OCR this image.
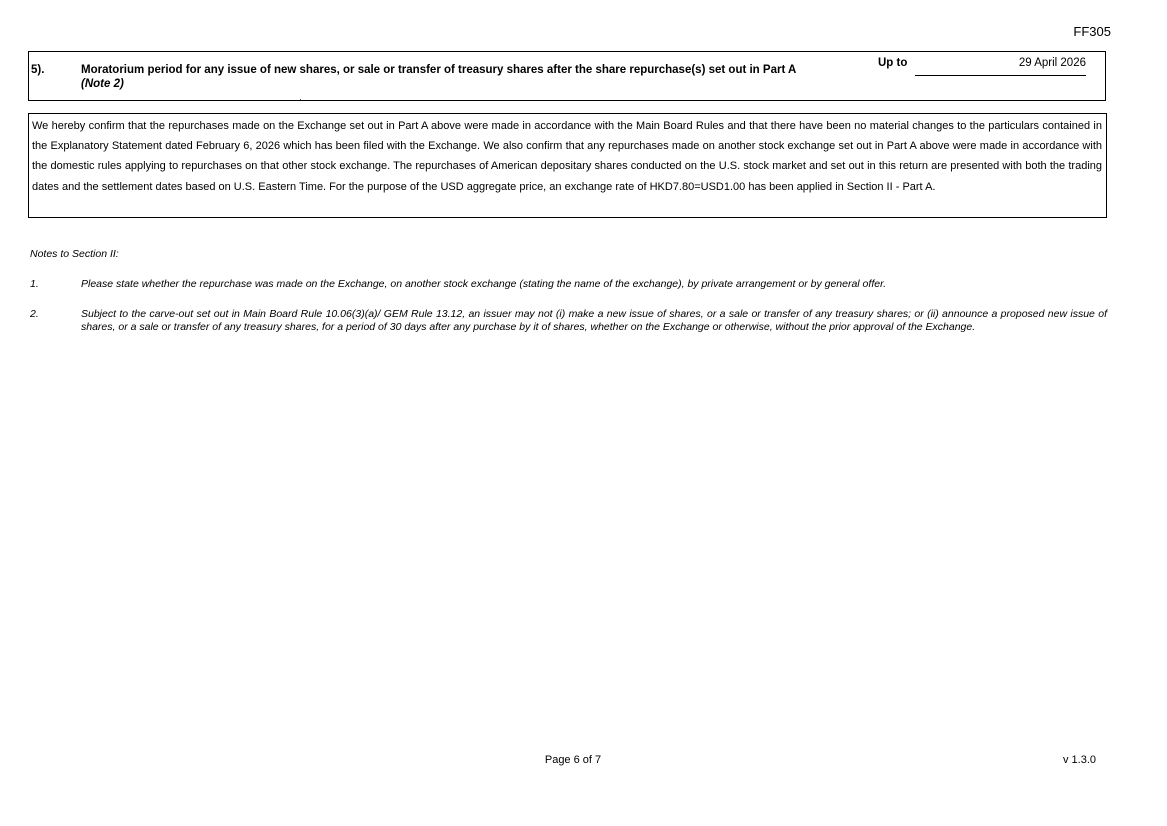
FF305
5).	Moratorium period for any issue of new shares, or sale or transfer of treasury shares after the share repurchase(s) set out in Part A
(Note 2)
Up to	29 April 2026
We hereby confirm that the repurchases made on the Exchange set out in Part A above were made in accordance with the Main Board Rules and that there have been no material changes to the particulars contained in the Explanatory Statement dated February 6, 2026 which has been filed with the Exchange. We also confirm that any repurchases made on another stock exchange set out in Part A above were made in accordance with the domestic rules applying to repurchases on that other stock exchange. The repurchases of American depositary shares conducted on the U.S. stock market and set out in this return are presented with both the trading dates and the settlement dates based on U.S. Eastern Time. For the purpose of the USD aggregate price, an exchange rate of HKD7.80=USD1.00 has been applied in Section II - Part A.
Notes to Section II:
1.	Please state whether the repurchase was made on the Exchange, on another stock exchange (stating the name of the exchange), by private arrangement or by general offer.
2.	Subject to the carve-out set out in Main Board Rule 10.06(3)(a)/ GEM Rule 13.12, an issuer may not (i) make a new issue of shares, or a sale or transfer of any treasury shares; or (ii) announce a proposed new issue of shares, or a sale or transfer of any treasury shares, for a period of 30 days after any purchase by it of shares, whether on the Exchange or otherwise, without the prior approval of the Exchange.
Page 6 of 7	v 1.3.0
